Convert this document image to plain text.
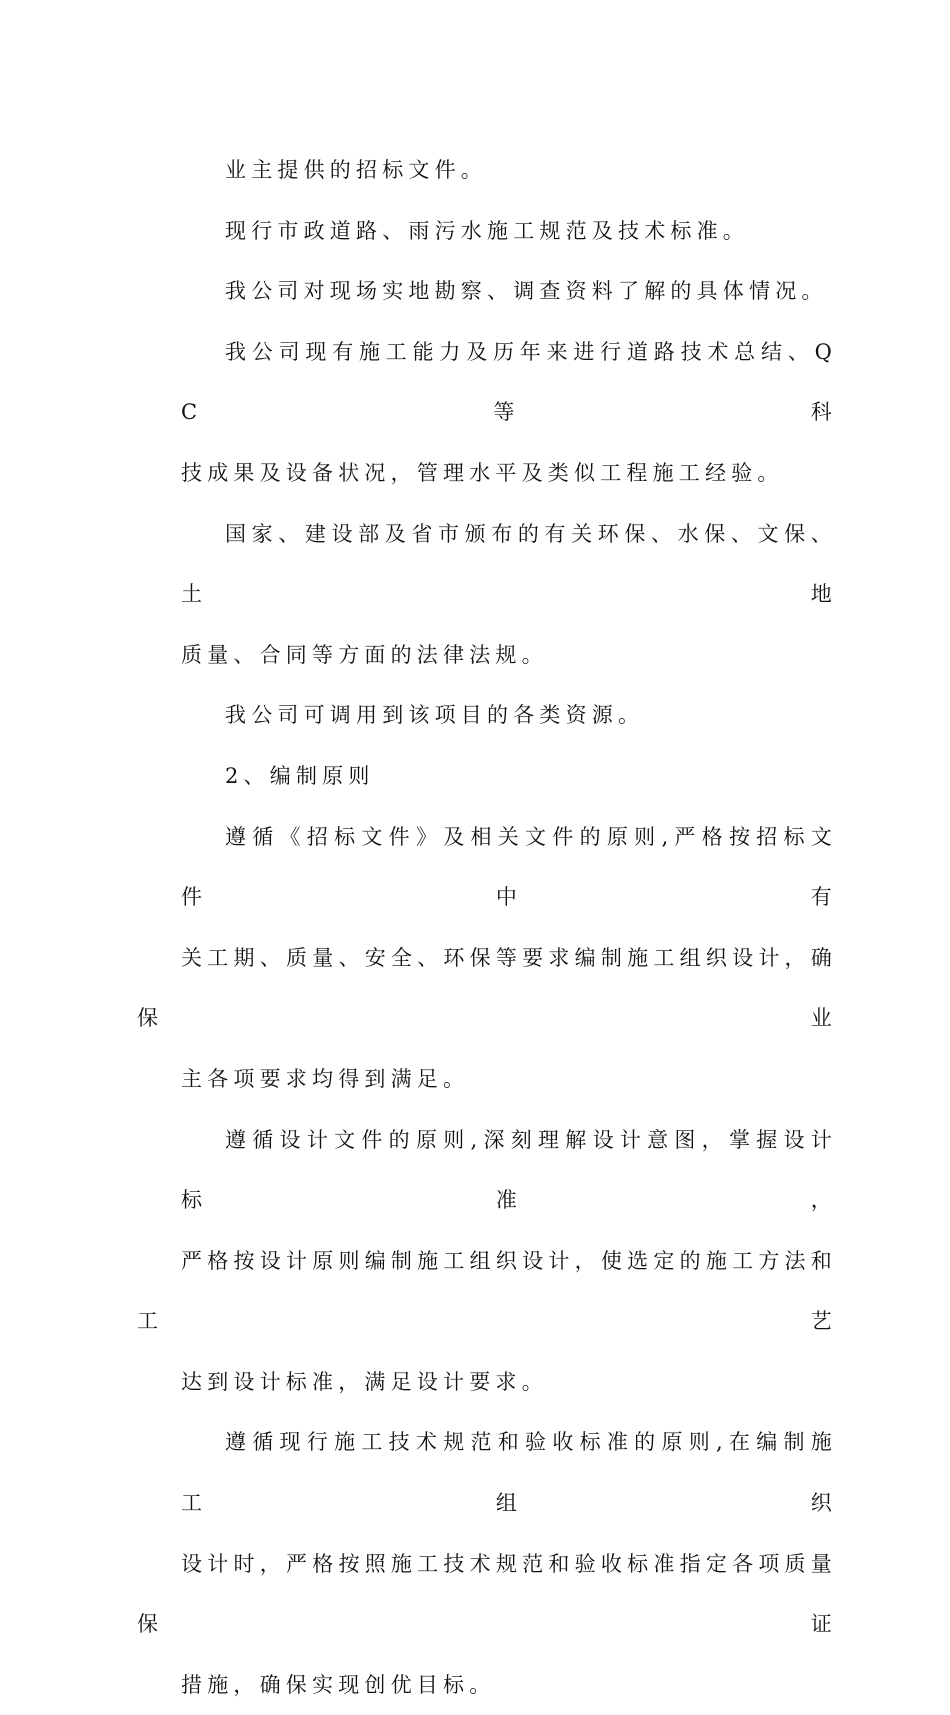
业主提供的招标文件。
现行市政道路、雨污水施工规范及技术标准。
我公司对现场实地勘察、调查资料了解的具体情况。
我公司现有施工能力及历年来进行道路技术总结、QC等科
技成果及设备状况，管理水平及类似工程施工经验。
国家、建设部及省市颁布的有关环保、水保、文保、土地
质量、合同等方面的法律法规。
我公司可调用到该项目的各类资源。
2、编制原则
遵循《招标文件》及相关文件的原则,严格按招标文件中有
关工期、质量、安全、环保等要求编制施工组织设计，确保业
主各项要求均得到满足。
遵循设计文件的原则,深刻理解设计意图，掌握设计标准，
严格按设计原则编制施工组织设计，使选定的施工方法和工艺
达到设计标准，满足设计要求。
遵循现行施工技术规范和验收标准的原则,在编制施工组织
设计时，严格按照施工技术规范和验收标准指定各项质量保证
措施，确保实现创优目标。
